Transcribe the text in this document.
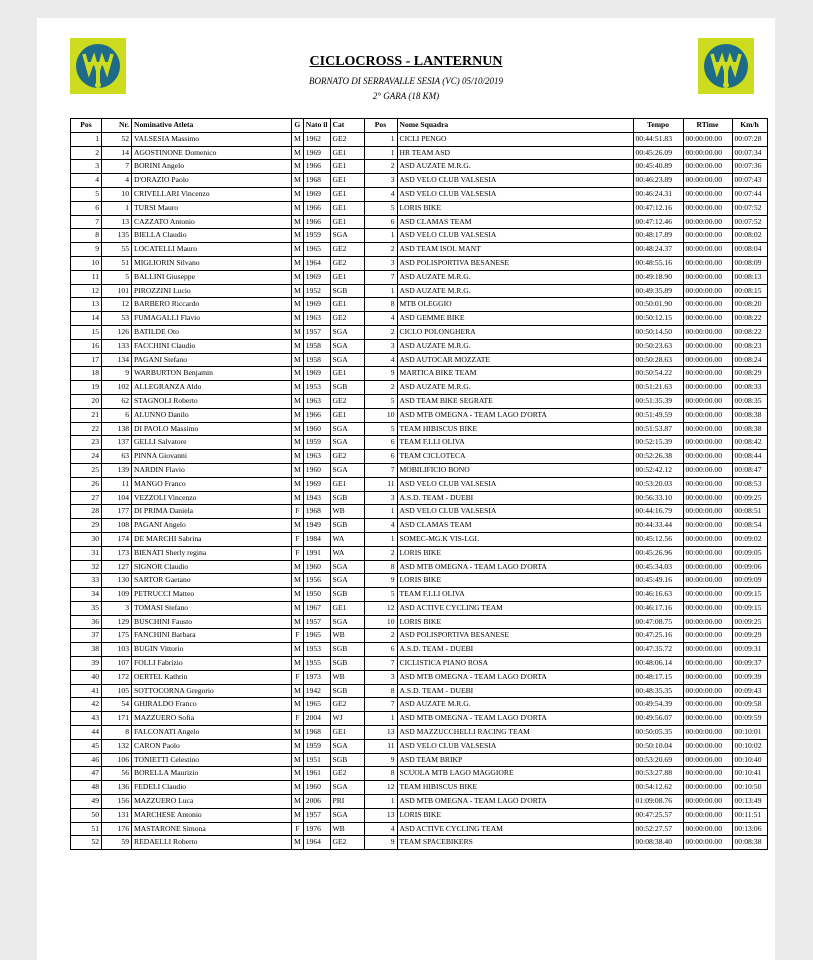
CICLOCROSS - LANTERNUN
BORNATO DI SERRAVALLE SESIA (VC) 05/10/2019
2° GARA (18 KM)
Pos	Nr.	Nominativo Atleta	G	Nato il	Cat	Pos	Nome Squadra	Tempo	RTime	Km/h
1	52	VALSESIA Massimo	M	1962	GE2	1	CICLI PENGO	00:44:51.83	00:00:00.00	00:07:28
2	14	AGOSTINONE Domenico	M	1969	GE1	1	HR TEAM ASD	00:45:26.09	00:00:00.00	00:07:34
3	7	BORINI Angelo	M	1966	GE1	2	ASD AUZATE M.R.G.	00:45:40.89	00:00:00.00	00:07:36
4	4	D'ORAZIO Paolo	M	1968	GE1	3	ASD VELO CLUB VALSESIA	00:46:23.89	00:00:00.00	00:07:43
5	10	CRIVELLARI Vincenzo	M	1969	GE1	4	ASD VELO CLUB VALSESIA	00:46:24.31	00:00:00.00	00:07:44
6	1	TURSI Mauro	M	1966	GE1	5	LORIS BIKE	00:47:12.16	00:00:00.00	00:07:52
7	13	CAZZATO Antonio	M	1966	GE1	6	ASD CLAMAS TEAM	00:47:12.46	00:00:00.00	00:07:52
8	135	BIELLA Claudio	M	1959	SGA	1	ASD VELO CLUB VALSESIA	00:48:17.89	00:00:00.00	00:08:02
9	55	LOCATELLI Mauro	M	1965	GE2	2	ASD TEAM ISOL MANT	00:48:24.37	00:00:00.00	00:08:04
10	51	MIGLIORIN Silvano	M	1964	GE2	3	ASD POLISPORTIVA BESANESE	00:48:55.16	00:00:00.00	00:08:09
11	5	BALLINI Giuseppe	M	1969	GE1	7	ASD AUZATE M.R.G.	00:49:18.90	00:00:00.00	00:08:13
12	101	PIROZZINI Lucio	M	1952	SGB	1	ASD AUZATE M.R.G.	00:49:35.89	00:00:00.00	00:08:15
13	12	BARBERO Riccardo	M	1969	GE1	8	MTB OLEGGIO	00:50:01.90	00:00:00.00	00:08:20
14	53	FUMAGALLI Flavio	M	1963	GE2	4	ASD GEMME BIKE	00:50:12.15	00:00:00.00	00:08:22
15	126	BATILDE Oto	M	1957	SGA	2	CICLO POLONGHERA	00:50:14.50	00:00:00.00	00:08:22
16	133	FACCHINI Claudio	M	1958	SGA	3	ASD AUZATE M.R.G.	00:50:23.63	00:00:00.00	00:08:23
17	134	PAGANI Stefano	M	1958	SGA	4	ASD AUTOCAR MOZZATE	00:50:28.63	00:00:00.00	00:08:24
18	9	WARBURTON Benjamin	M	1969	GE1	9	MARTICA BIKE TEAM	00:50:54.22	00:00:00.00	00:08:29
19	102	ALLEGRANZA Aldo	M	1953	SGB	2	ASD AUZATE M.R.G.	00:51:21.63	00:00:00.00	00:08:33
20	62	STAGNOLI Roberto	M	1963	GE2	5	ASD TEAM BIKE SEGRATE	00:51:35.39	00:00:00.00	00:08:35
21	6	ALUNNO Danilo	M	1966	GE1	10	ASD MTB OMEGNA - TEAM LAGO D'ORTA	00:51:49.59	00:00:00.00	00:08:38
22	138	DI PAOLO Massimo	M	1960	SGA	5	TEAM HIBISCUS BIKE	00:51:53.87	00:00:00.00	00:08:38
23	137	GELLI Salvatore	M	1959	SGA	6	TEAM F.LLI OLIVA	00:52:15.39	00:00:00.00	00:08:42
24	63	PINNA Giovanni	M	1963	GE2	6	TEAM CICLOTECA	00:52:26.38	00:00:00.00	00:08:44
25	139	NARDIN Flavio	M	1960	SGA	7	MOBILIFICIO BONO	00:52:42.12	00:00:00.00	00:08:47
26	11	MANGO Franco	M	1969	GE1	11	ASD VELO CLUB VALSESIA	00:53:20.03	00:00:00.00	00:08:53
27	104	VEZZOLI Vincenzo	M	1943	SGB	3	A.S.D. TEAM - DUEBI	00:56:33.10	00:00:00.00	00:09:25
28	177	DI PRIMA Daniela	F	1968	WB	1	ASD VELO CLUB VALSESIA	00:44:16.79	00:00:00.00	00:08:51
29	108	PAGANI Angelo	M	1949	SGB	4	ASD CLAMAS TEAM	00:44:33.44	00:00:00.00	00:08:54
30	174	DE MARCHI Sabrina	F	1984	WA	1	SOMEC-MG.K VIS-LGL	00:45:12.56	00:00:00.00	00:09:02
31	173	BIENATI Sherly regina	F	1991	WA	2	LORIS BIKE	00:45:26.96	00:00:00.00	00:09:05
32	127	SIGNOR Claudio	M	1960	SGA	8	ASD MTB OMEGNA - TEAM LAGO D'ORTA	00:45:34.03	00:00:00.00	00:09:06
33	130	SARTOR Gaetano	M	1956	SGA	9	LORIS BIKE	00:45:49.16	00:00:00.00	00:09:09
34	109	PETRUCCI Matteo	M	1950	SGB	5	TEAM F.LLI OLIVA	00:46:16.63	00:00:00.00	00:09:15
35	3	TOMASI Stefano	M	1967	GE1	12	ASD ACTIVE CYCLING TEAM	00:46:17.16	00:00:00.00	00:09:15
36	129	BUSCHINI Fausto	M	1957	SGA	10	LORIS BIKE	00:47:08.75	00:00:00.00	00:09:25
37	175	FANCHINI Barbara	F	1965	WB	2	ASD POLISPORTIVA BESANESE	00:47:25.16	00:00:00.00	00:09:29
38	103	BUGIN Vittorio	M	1953	SGB	6	A.S.D. TEAM - DUEBI	00:47:35.72	00:00:00.00	00:09:31
39	107	FOLLI Fabrizio	M	1955	SGB	7	CICLISTICA PIANO ROSA	00:48:06.14	00:00:00.00	00:09:37
40	172	OERTEL Kathrin	F	1973	WB	3	ASD MTB OMEGNA - TEAM LAGO D'ORTA	00:48:17.15	00:00:00.00	00:09:39
41	105	SOTTOCORNA Gregorio	M	1942	SGB	8	A.S.D. TEAM - DUEBI	00:48:35.35	00:00:00.00	00:09:43
42	54	GHIRALDO Franco	M	1965	GE2	7	ASD AUZATE M.R.G.	00:49:54.39	00:00:00.00	00:09:58
43	171	MAZZUERO Sofia	F	2004	WJ	1	ASD MTB OMEGNA - TEAM LAGO D'ORTA	00:49:56.07	00:00:00.00	00:09:59
44	8	FALCONATI Angelo	M	1968	GE1	13	ASD MAZZUCCHELLI RACING TEAM	00:50:05.35	00:00:00.00	00:10:01
45	132	CARON Paolo	M	1959	SGA	11	ASD VELO CLUB VALSESIA	00:50:10.04	00:00:00.00	00:10:02
46	106	TONIETTI Celestino	M	1951	SGB	9	ASD TEAM BRIKP	00:53:20.69	00:00:00.00	00:10:40
47	56	BORELLA Maurizio	M	1961	GE2	8	SCUOLA MTB LAGO MAGGIORE	00:53:27.88	00:00:00.00	00:10:41
48	136	FEDELI Claudio	M	1960	SGA	12	TEAM HIBISCUS BIKE	00:54:12.62	00:00:00.00	00:10:50
49	156	MAZZUERO Luca	M	2006	PRI	1	ASD MTB OMEGNA - TEAM LAGO D'ORTA	01:09:08.76	00:00:00.00	00:13:49
50	131	MARCHESE Antonio	M	1957	SGA	13	LORIS BIKE	00:47:25.57	00:00:00.00	00:11:51
51	176	MASTARONE Simona	F	1976	WB	4	ASD ACTIVE CYCLING TEAM	00:52:27.57	00:00:00.00	00:13:06
52	59	REDAELLI Roberto	M	1964	GE2	9	TEAM SPACEBIKERS	00:08:38.40	00:00:00.00	00:08:38
